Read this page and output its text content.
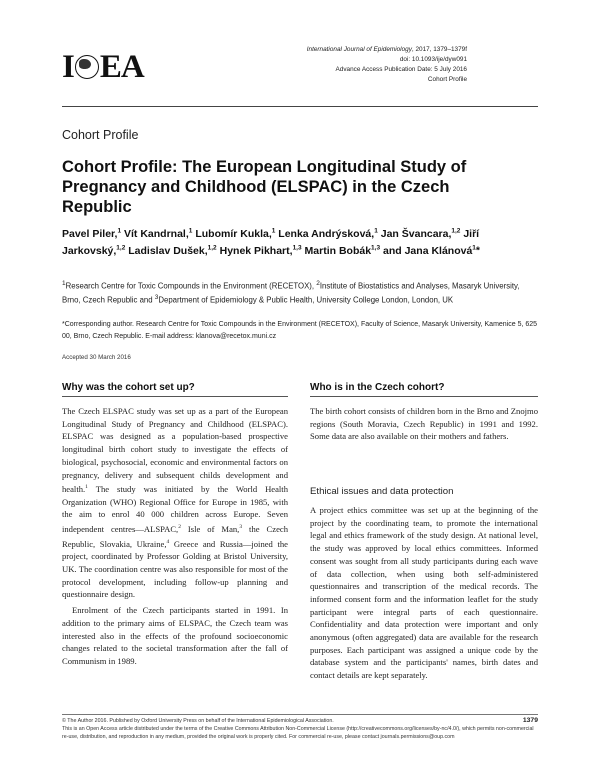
I EA	International Journal of Epidemiology, 2017, 1379–1379f
doi: 10.1093/ije/dyw091
Advance Access Publication Date: 5 July 2016
Cohort Profile
Cohort Profile
Cohort Profile: The European Longitudinal Study of Pregnancy and Childhood (ELSPAC) in the Czech Republic
Pavel Piler,$^1$ Vít Kandrnal,$^1$ Lubomír Kukla,$^1$ Lenka Andrýsková,$^1$ Jan Švancara,$^{1,2}$ Jiří Jarkovský,$^{1,2}$ Ladislav Dušek,$^{1,2}$ Hynek Pikhart,$^{1,3}$ Martin Bobák$^{1,3}$ and Jana Klánová$^1$*
$^1$Research Centre for Toxic Compounds in the Environment (RECETOX), $^2$Institute of Biostatistics and Analyses, Masaryk University, Brno, Czech Republic and $^3$Department of Epidemiology & Public Health, University College London, London, UK
*Corresponding author. Research Centre for Toxic Compounds in the Environment (RECETOX), Faculty of Science, Masaryk University, Kamenice 5, 625 00, Brno, Czech Republic. E-mail address: klanova@recetox.muni.cz
Accepted 30 March 2016
Why was the cohort set up?

The Czech ELSPAC study was set up as a part of the European Longitudinal Study of Pregnancy and Childhood (ELSPAC). ELSPAC was designed as a population-based prospective longitudinal birth cohort study to investigate the effects of biological, psychosocial, economic and environmental factors on pregnancy, delivery and subsequent childs development and health.$^1$ The study was initiated by the World Health Organization (WHO) Regional Office for Europe in 1985, with the aim to enrol 40 000 children across Europe. Seven independent centres—ALSPAC,$^2$ Isle of Man,$^3$ the Czech Republic, Slovakia, Ukraine,$^4$ Greece and Russia—joined the project, coordinated by Professor Golding at Bristol University, UK. The coordination centre was also responsible for most of the protocol development, including follow-up planning and questionnaire design.

Enrolment of the Czech participants started in 1991. In addition to the primary aims of ELSPAC, the Czech team was interested also in the effects of the profound socioeconomic changes related to the societal transformation after the fall of Communism in 1989.

Who is in the Czech cohort?

The birth cohort consists of children born in the Brno and Znojmo regions (South Moravia, Czech Republic) in 1991 and 1992. Some data are also available on their mothers and fathers.

Ethical issues and data protection

A project ethics committee was set up at the beginning of the project by the coordinating team, to promote the international legal and ethics framework of the study design. At national level, the study was approved by local ethics committees. Informed consent was sought from all study participants during each wave of data collection, when using both self-administered questionnaires and transcription of the medical records. The informed consent form and the information leaflet for the study participant were integral parts of each questionnaire. Confidentiality and data protection were important and only anonymous (often aggregated) data are available for the research purposes. Each participant was assigned a unique code by the database system and the participants' names, birth dates and contact details are kept separately.

© The Author 2016. Published by Oxford University Press on behalf of the International Epidemiological Association.
This is an Open Access article distributed under the terms of the Creative Commons Attribution Non-Commercial License (http://creativecommons.org/licenses/by-nc/4.0/), which permits non-commercial re-use, distribution, and reproduction in any medium, provided the original work is properly cited. For commercial re-use, please contact journals.permissions@oup.com
1379
